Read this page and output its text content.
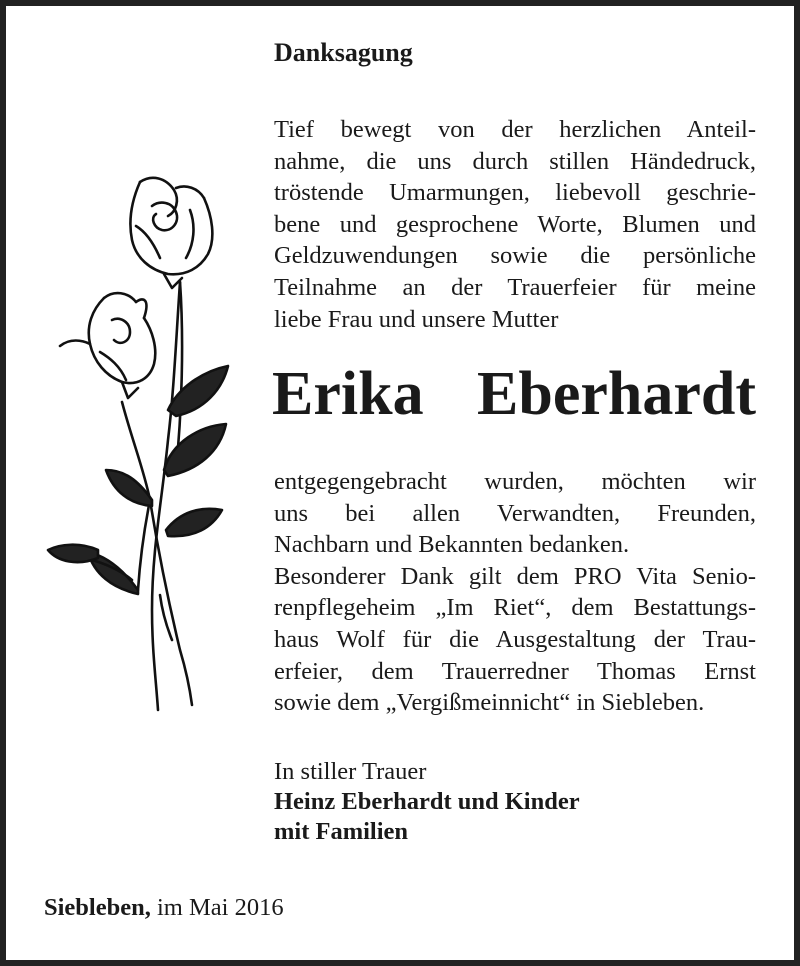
Danksagung
Tief bewegt von der herzlichen Anteil-
nahme, die uns durch stillen Händedruck,
tröstende Umarmungen, liebevoll geschrie-
bene und gesprochene Worte, Blumen und
Geldzuwendungen sowie die persönliche
Teilnahme an der Trauerfeier für meine
liebe Frau und unsere Mutter
Erika Eberhardt
entgegengebracht wurden, möchten wir
uns bei allen Verwandten, Freunden,
Nachbarn und Bekannten bedanken.
Besonderer Dank gilt dem PRO Vita Senio-
renpflegeheim „Im Riet“, dem Bestattungs-
haus Wolf für die Ausgestaltung der Trau-
erfeier, dem Trauerredner Thomas Ernst
sowie dem „Vergißmeinnicht“ in Siebleben.
In stiller Trauer
Heinz Eberhardt und Kinder
mit Familien
Siebleben, im Mai 2016
